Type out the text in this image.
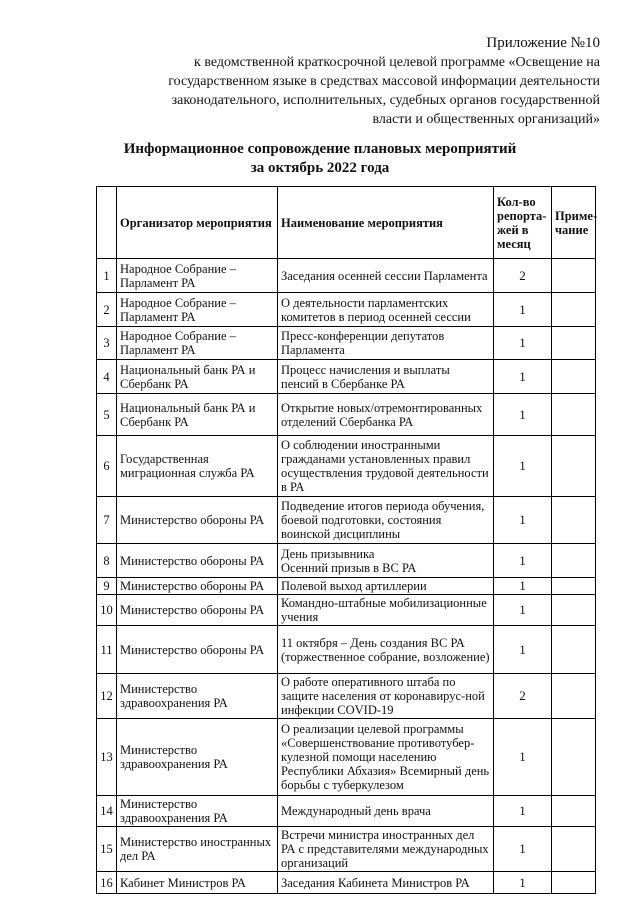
Приложение №10
к ведомственной краткосрочной целевой программе «Освещение на
государственном языке в средствах массовой информации деятельности
законодательного, исполнительных, судебных органов государственной
власти и общественных организаций»
Информационное сопровождение плановых мероприятий
за октябрь 2022 года
	Организатор мероприятия	Наименование мероприятия	Кол-во репорта-жей в месяц	Приме-чание
1	Народное Собрание – Парламент РА	Заседания осенней сессии Парламента	2	
2	Народное Собрание – Парламент РА	О деятельности парламентских комитетов в период осенней сессии	1	
3	Народное Собрание – Парламент РА	Пресс-конференции депутатов Парламента	1	
4	Национальный банк РА и Сбербанк РА	Процесс начисления и выплаты пенсий в Сбербанке РА	1	
5	Национальный банк РА и Сбербанк РА	Открытие новых/отремонтированных отделений Сбербанка РА	1	
6	Государственная миграционная служба РА	О соблюдении иностранными гражданами установленных правил осуществления трудовой деятельности в РА	1	
7	Министерство обороны РА	Подведение итогов периода обучения, боевой подготовки, состояния воинской дисциплины	1	
8	Министерство обороны РА	День призывника
Осенний призыв в ВС РА	1	
9	Министерство обороны РА	Полевой выход артиллерии	1	
10	Министерство обороны РА	Командно-штабные мобилизационные учения	1	
11	Министерство обороны РА	11 октября – День создания ВС РА (торжественное собрание, возложение)	1	
12	Министерство здравоохранения РА	О работе оперативного штаба по защите населения от коронавирус-ной инфекции COVID-19	2	
13	Министерство здравоохранения РА	О реализации целевой программы «Совершенствование противотубер-кулезной помощи населению Республики Абхазия» Всемирный день борьбы с туберкулезом	1	
14	Министерство здравоохранения РА	Международный день врача	1	
15	Министерство иностранных дел РА	Встречи министра иностранных дел РА с представителями международных организаций	1	
16	Кабинет Министров РА	Заседания Кабинета Министров РА	1	
